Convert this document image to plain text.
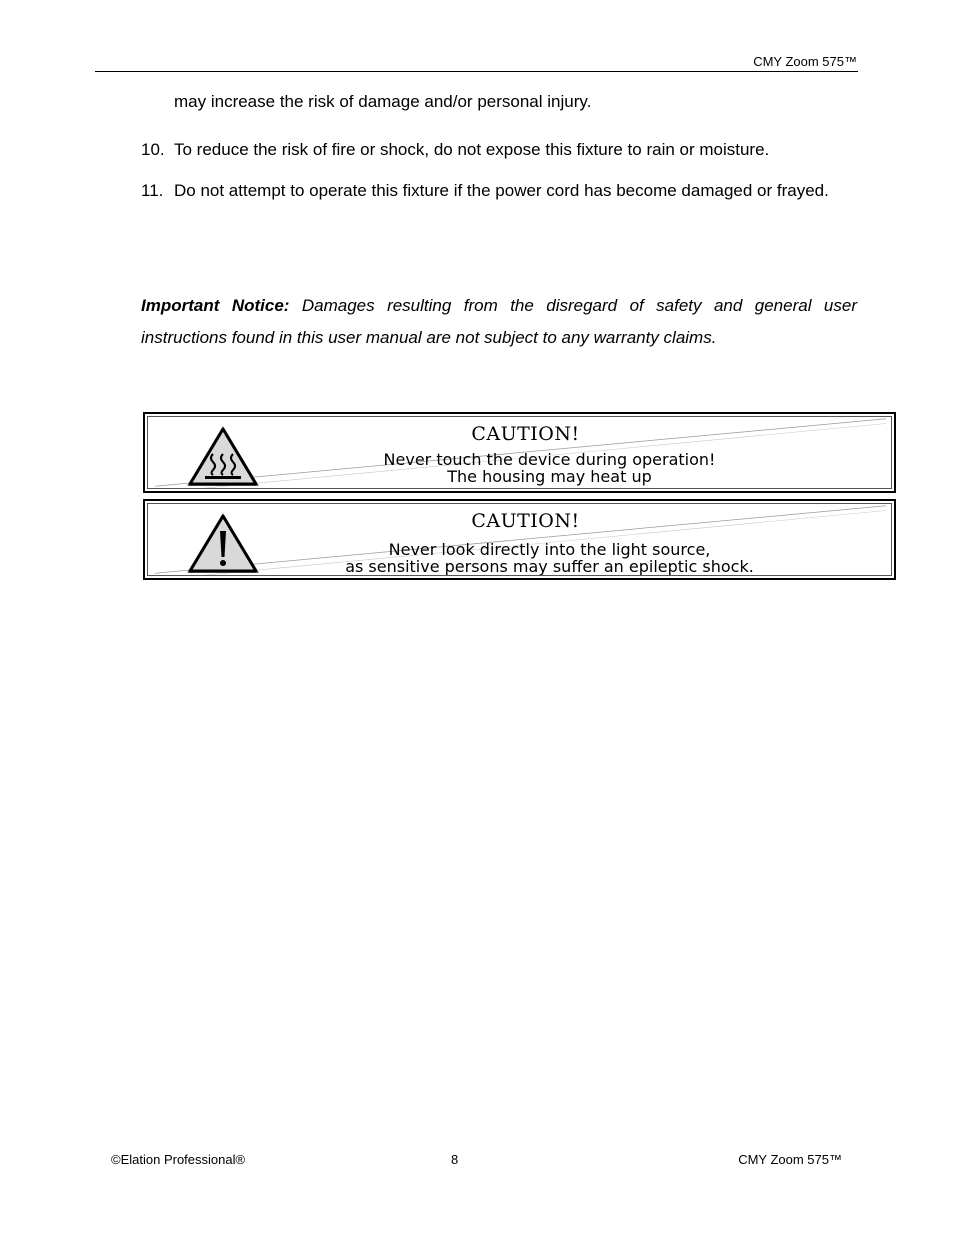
CMY Zoom 575™
may increase the risk of damage and/or personal injury.
10. To reduce the risk of fire or shock, do not expose this fixture to rain or moisture.
11. Do not attempt to operate this fixture if the power cord has become damaged or frayed.
Important Notice: Damages resulting from the disregard of safety and general user instructions found in this user manual are not subject to any warranty claims.
CAUTION!
Never touch the device during operation!
The housing may heat up
CAUTION!
Never look directly into the light source,
as sensitive persons may suffer an epileptic shock.
©Elation Professional®	8	CMY Zoom 575™
